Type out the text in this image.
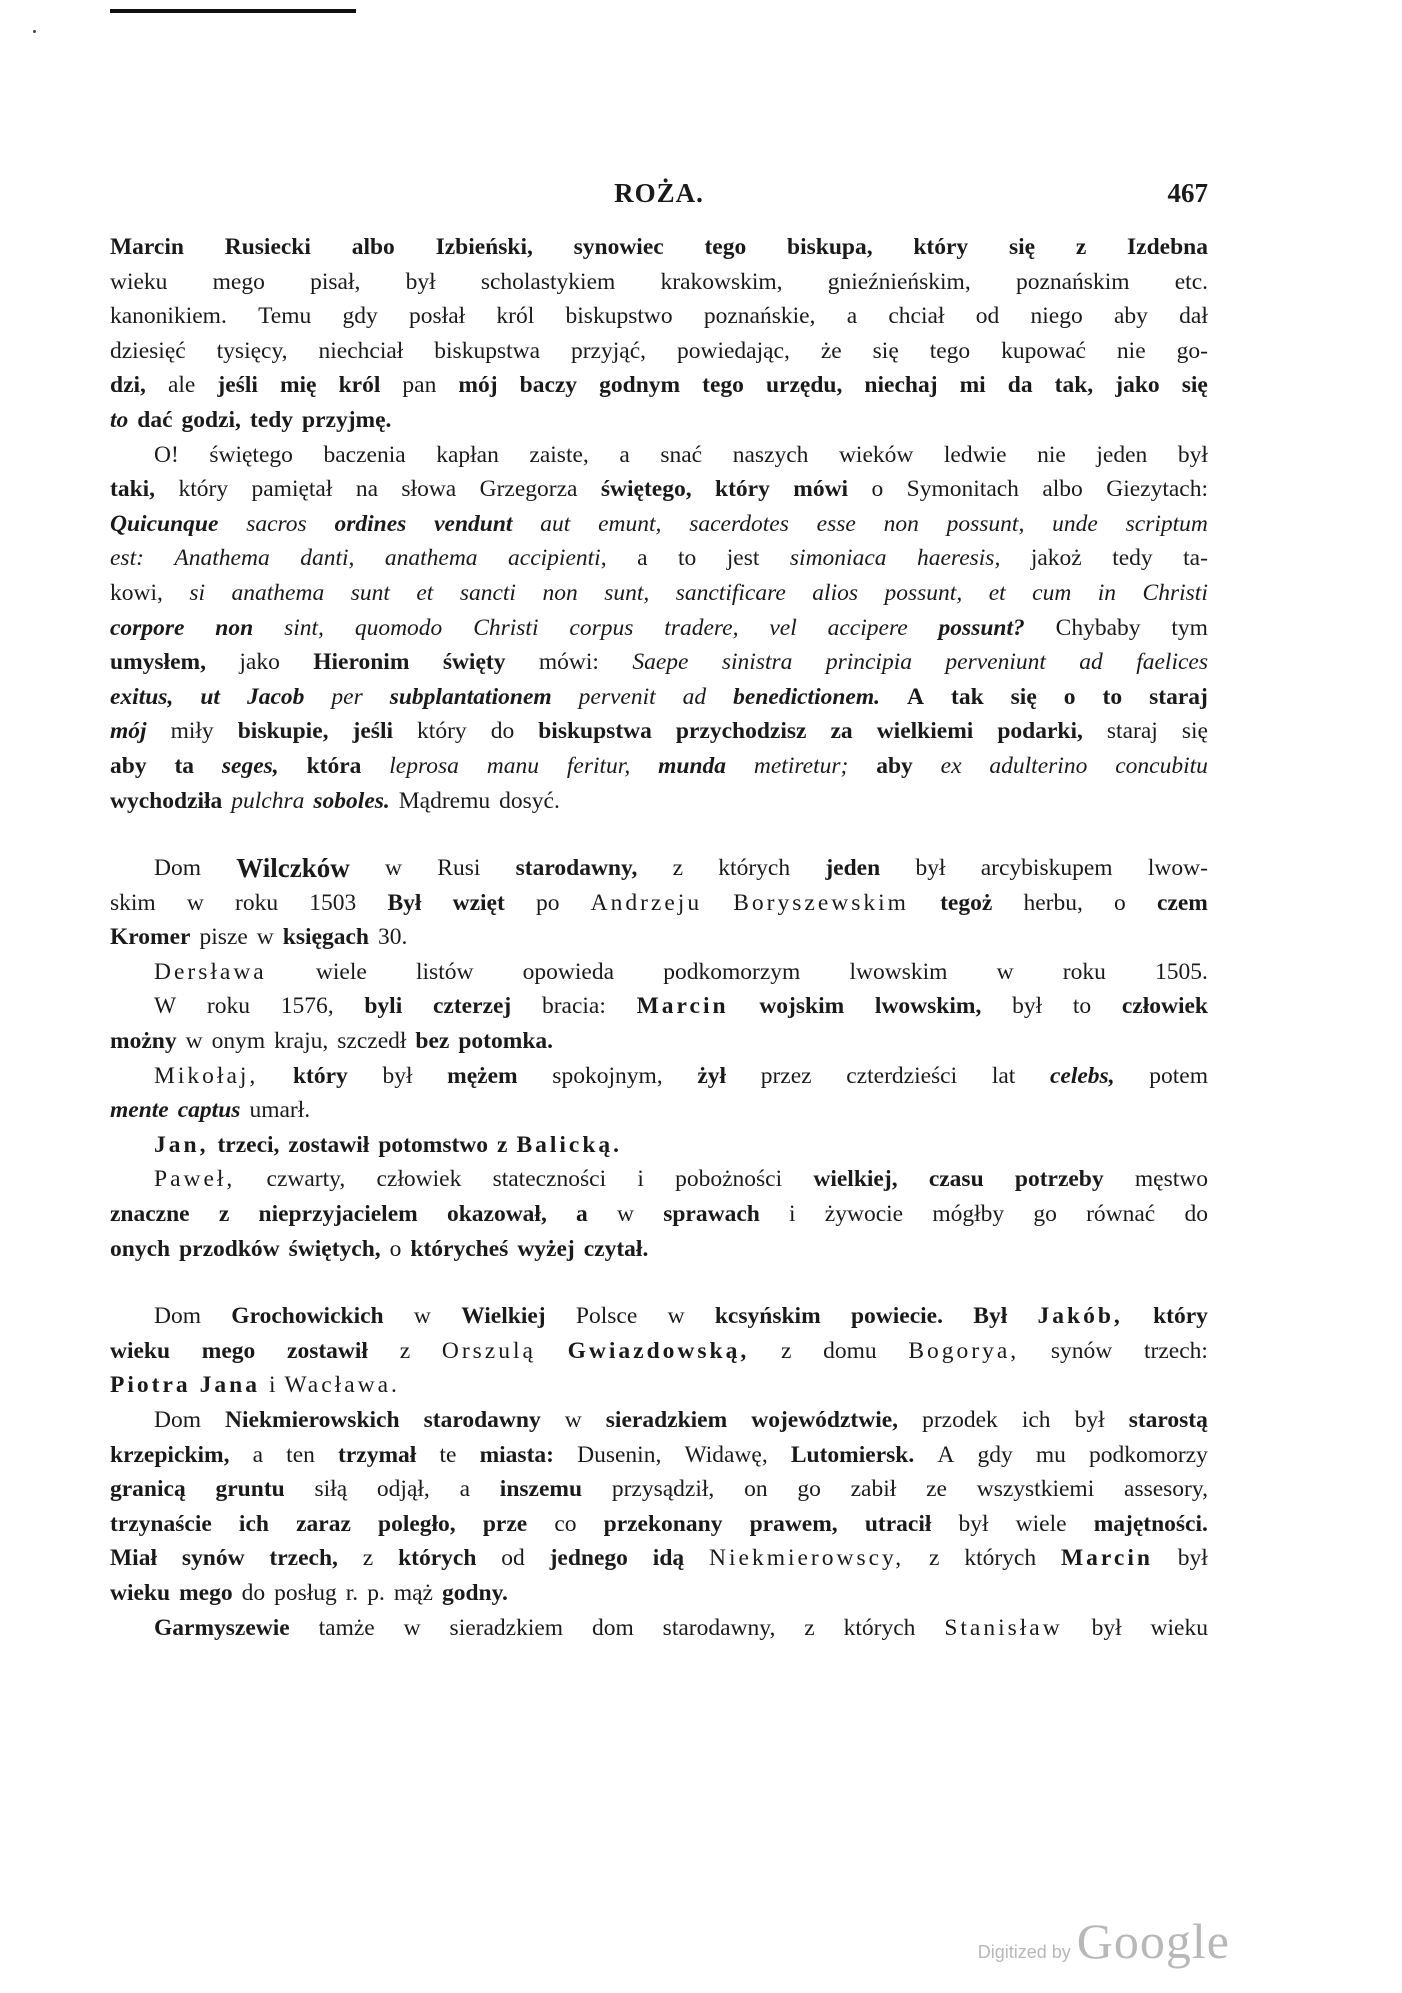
ROŻA.	467
Marcin Rusiecki albo Izbieński, synowiec tego biskupa, który się z Izdebna
wieku mego pisał, był scholastykiem krakowskim, gnieźnieńskim, poznańskim etc.
kanonikiem. Temu gdy posłał król biskupstwo poznańskie, a chciał od niego aby dał
dziesięć tysięcy, niechciał biskupstwa przyjąć, powiedając, że się tego kupować nie go-
dzi, ale jeśli mię król pan mój baczy godnym tego urzędu, niechaj mi da tak, jako się
to dać godzi, tedy przyjmę.
O! świętego baczenia kapłan zaiste, a snać naszych wieków ledwie nie jeden był
taki, który pamiętał na słowa Grzegorza świętego, który mówi o Symonitach albo Giezytach:
Quicunque sacros ordines vendunt aut emunt, sacerdotes esse non possunt, unde scriptum
est: Anathema danti, anathema accipienti, a to jest simoniaca haeresis, jakoż tedy ta-
kowi, si anathema sunt et sancti non sunt, sanctificare alios possunt, et cum in Christi
corpore non sint, quomodo Christi corpus tradere, vel accipere possunt? Chybaby tym
umysłem, jako Hieronim święty mówi: Saepe sinistra principia perveniunt ad faelices
exitus, ut Jacob per subplantationem pervenit ad benedictionem. A tak się o to staraj
mój miły biskupie, jeśli który do biskupstwa przychodzisz za wielkiemi podarki, staraj się
aby ta seges, która leprosa manu feritur, munda metiretur; aby ex adulterino concubitu
wychodziła pulchra soboles. Mądremu dosyć.
Dom Wilczków w Rusi starodawny, z których jeden był arcybiskupem lwow-
skim w roku 1503 Był wzięt po Andrzeju Boryszewskim tegoż herbu, o czem
Kromer pisze w księgach 30.
Dersława wiele listów opowieda podkomorzym lwowskim w roku 1505.
W roku 1576, byli czterzej bracia: Marcin wojskim lwowskim, był to człowiek
możny w onym kraju, szczedł bez potomka.
Mikołaj, który był mężem spokojnym, żył przez czterdzieści lat celebs, potem
mente captus umarł.
Jan, trzeci, zostawił potomstwo z Balicką.
Paweł, czwarty, człowiek stateczności i pobożności wielkiej, czasu potrzeby męstwo
znaczne z nieprzyjacielem okazował, a w sprawach i żywocie mógłby go równać do
onych przodków świętych, o którycheś wyżej czytał.
Dom Grochowickich w Wielkiej Polsce w kcsyńskim powiecie. Był Jakób, który
wieku mego zostawił z Orszulą Gwiazdowską, z domu Bogorya, synów trzech:
Piotra Jana i Wacława.
Dom Niekmierowskich starodawny w sieradzkiem województwie, przodek ich był starostą
krzepickim, a ten trzymał te miasta: Dusenin, Widawę, Lutomiersk. A gdy mu podkomorzy
granicą gruntu siłą odjął, a inszemu przysądził, on go zabił ze wszystkiemi assesory,
trzynaście ich zaraz poległo, prze co przekonany prawem, utracił był wiele majętności.
Miał synów trzech, z których od jednego idą Niekmierowscy, z których Marcin był
wieku mego do posług r. p. mąż godny.
Garmyszewie tamże w sieradzkiem dom starodawny, z których Stanisław był wieku
Digitized by Google
